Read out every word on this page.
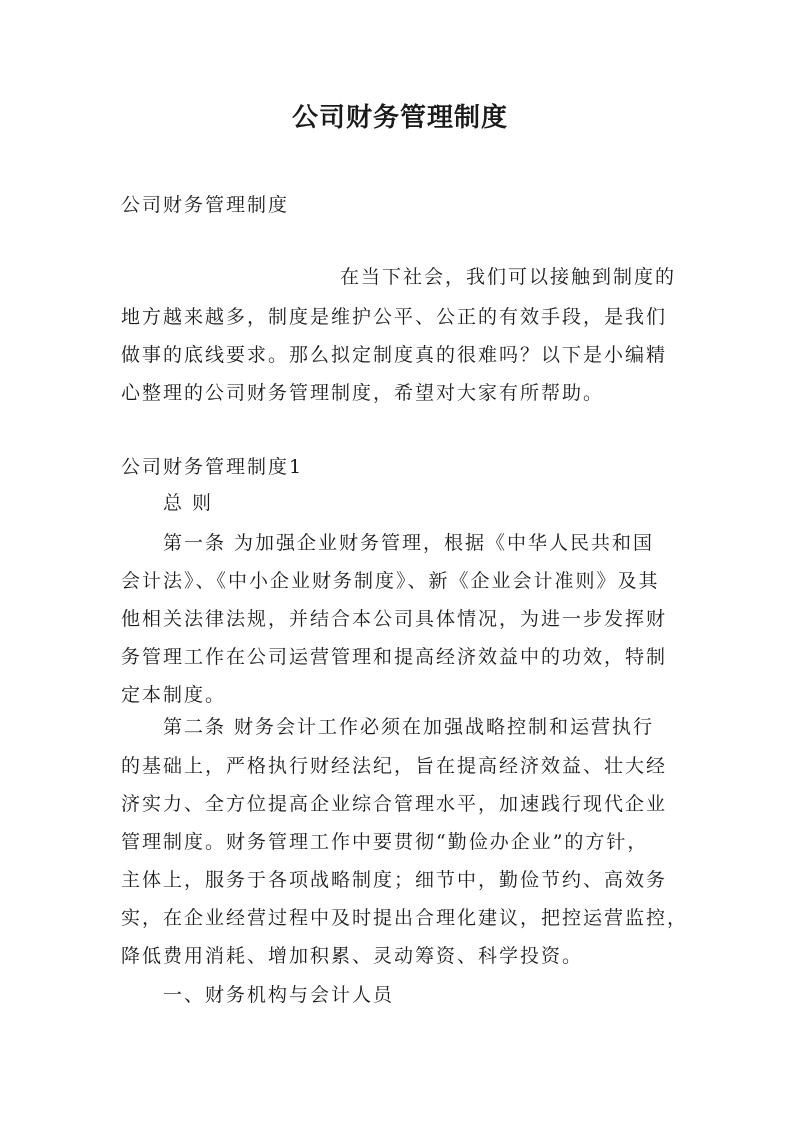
公司财务管理制度
公司财务管理制度
在当下社会，我们可以接触到制度的
地方越来越多，制度是维护公平、公正的有效手段，是我们
做事的底线要求。那么拟定制度真的很难吗？以下是小编精
心整理的公司财务管理制度，希望对大家有所帮助。
公司财务管理制度1
总 则
第一条 为加强企业财务管理，根据《中华人民共和国
会计法》、《中小企业财务制度》、新《企业会计准则》及其
他相关法律法规，并结合本公司具体情况，为进一步发挥财
务管理工作在公司运营管理和提高经济效益中的功效，特制
定本制度。
第二条 财务会计工作必须在加强战略控制和运营执行
的基础上，严格执行财经法纪，旨在提高经济效益、壮大经
济实力、全方位提高企业综合管理水平，加速践行现代企业
管理制度。财务管理工作中要贯彻“勤俭办企业”的方针，
主体上，服务于各项战略制度；细节中，勤俭节约、高效务
实，在企业经营过程中及时提出合理化建议，把控运营监控，
降低费用消耗、增加积累、灵动筹资、科学投资。
一、财务机构与会计人员
